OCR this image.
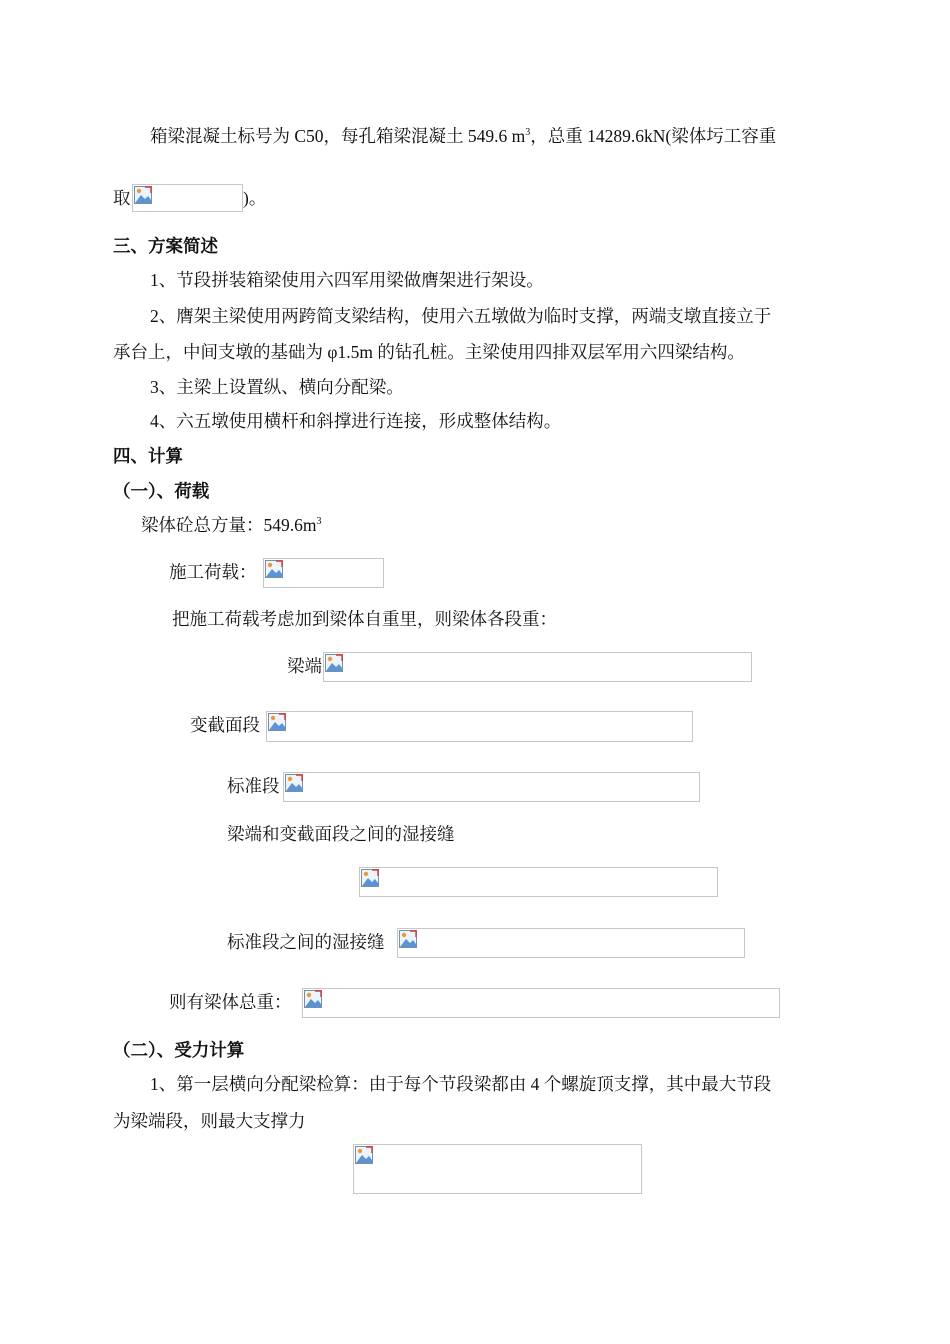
箱梁混凝土标号为 C50，每孔箱梁混凝土 549.6 $m^3$，总重 14289.6kN(梁体圬工容重
取	)。
三、方案简述
1、节段拼装箱梁使用六四军用梁做膺架进行架设。
2、膺架主梁使用两跨简支梁结构，使用六五墩做为临时支撑，两端支墩直接立于
承台上，中间支墩的基础为 φ1.5m 的钻孔桩。主梁使用四排双层军用六四梁结构。
3、主梁上设置纵、横向分配梁。
4、六五墩使用横杆和斜撑进行连接，形成整体结构。
四、计算
（一）、荷载
梁体砼总方量：$549.6m^3$
施工荷载：
把施工荷载考虑加到梁体自重里，则梁体各段重：
梁端
变截面段
标准段
梁端和变截面段之间的湿接缝
标准段之间的湿接缝
则有梁体总重：
（二）、受力计算
1、第一层横向分配梁检算：由于每个节段梁都由 4 个螺旋顶支撑，其中最大节段
为梁端段，则最大支撑力
